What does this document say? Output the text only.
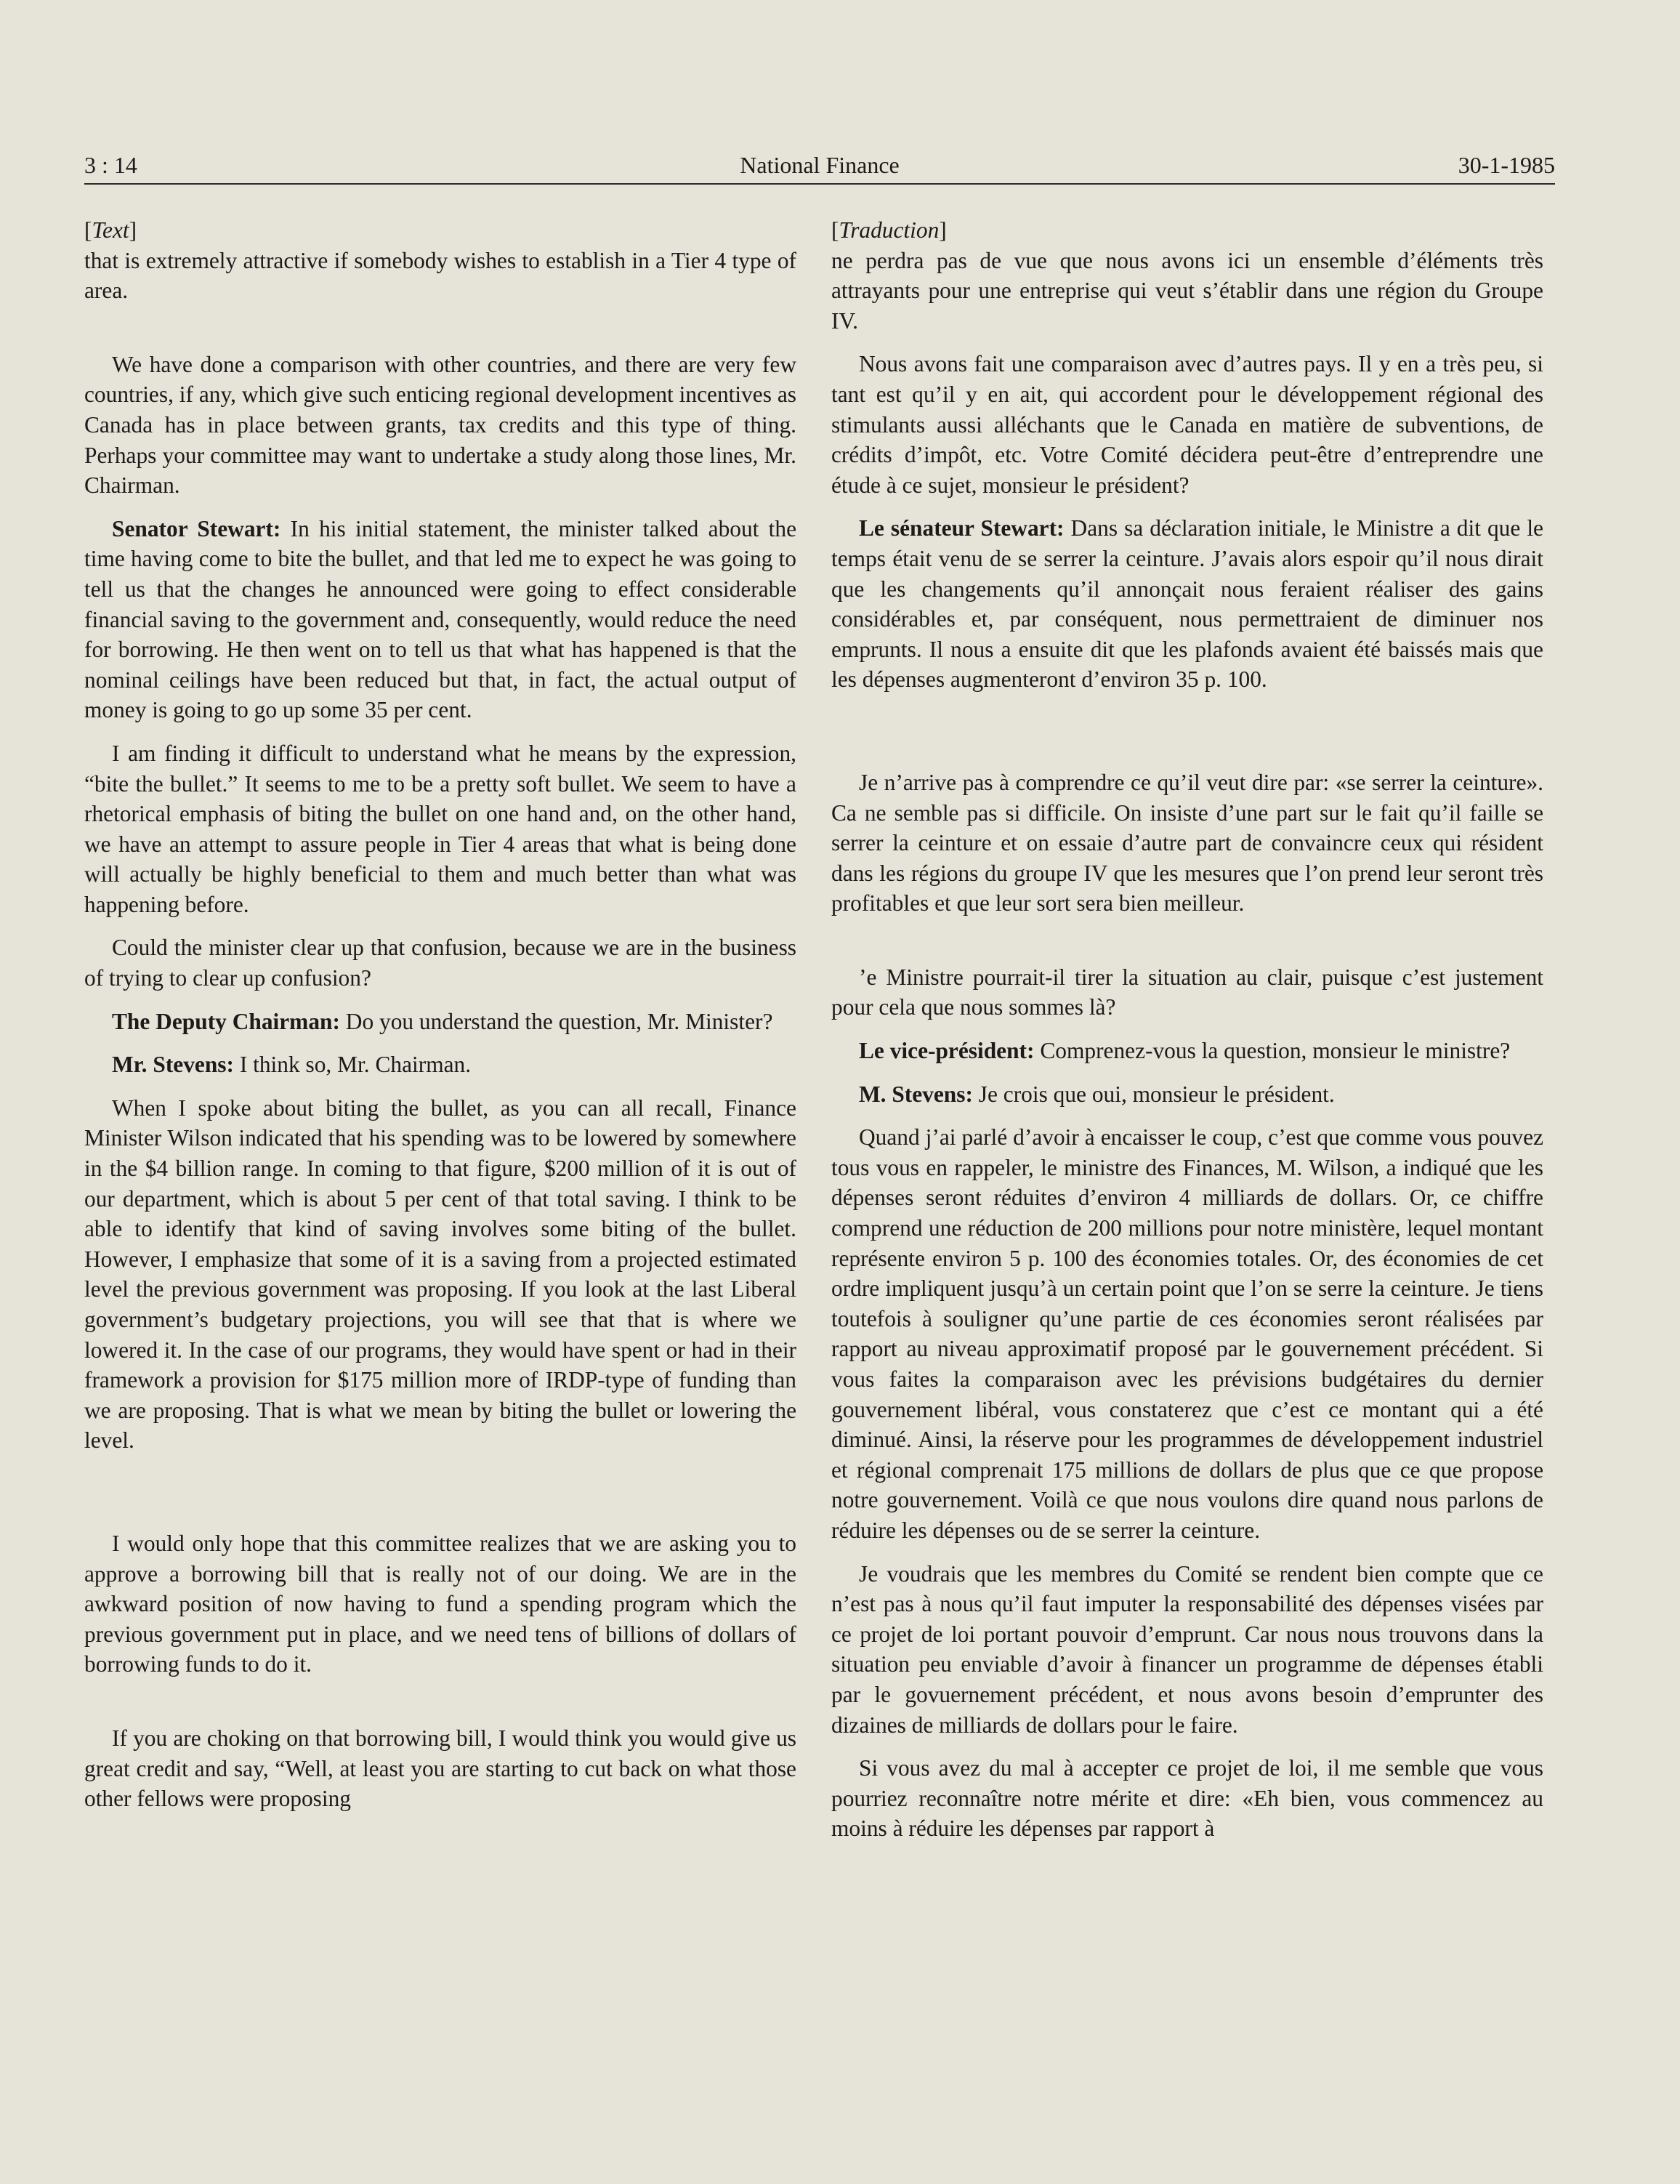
3 : 14	National Finance	30-1-1985

[Text]

that is extremely attractive if somebody wishes to establish in a Tier 4 type of area.

We have done a comparison with other countries, and there are very few countries, if any, which give such enticing regional development incentives as Canada has in place between grants, tax credits and this type of thing. Perhaps your committee may want to undertake a study along those lines, Mr. Chairman.

Senator Stewart: In his initial statement, the minister talked about the time having come to bite the bullet, and that led me to expect he was going to tell us that the changes he announced were going to effect considerable financial saving to the government and, consequently, would reduce the need for borrowing. He then went on to tell us that what has happened is that the nominal ceilings have been reduced but that, in fact, the actual output of money is going to go up some 35 per cent.

I am finding it difficult to understand what he means by the expression, “bite the bullet.” It seems to me to be a pretty soft bullet. We seem to have a rhetorical emphasis of biting the bullet on one hand and, on the other hand, we have an attempt to assure people in Tier 4 areas that what is being done will actually be highly beneficial to them and much better than what was happening before.

Could the minister clear up that confusion, because we are in the business of trying to clear up confusion?

The Deputy Chairman: Do you understand the question, Mr. Minister?

Mr. Stevens: I think so, Mr. Chairman.

When I spoke about biting the bullet, as you can all recall, Finance Minister Wilson indicated that his spending was to be lowered by somewhere in the $4 billion range. In coming to that figure, $200 million of it is out of our department, which is about 5 per cent of that total saving. I think to be able to identify that kind of saving involves some biting of the bullet. However, I emphasize that some of it is a saving from a projected estimated level the previous government was proposing. If you look at the last Liberal government’s budgetary projections, you will see that that is where we lowered it. In the case of our programs, they would have spent or had in their framework a provision for $175 million more of IRDP-type of funding than we are proposing. That is what we mean by biting the bullet or lowering the level.

I would only hope that this committee realizes that we are asking you to approve a borrowing bill that is really not of our doing. We are in the awkward position of now having to fund a spending program which the previous government put in place, and we need tens of billions of dollars of borrowing funds to do it.

If you are choking on that borrowing bill, I would think you would give us great credit and say, “Well, at least you are starting to cut back on what those other fellows were proposing

[Traduction]

ne perdra pas de vue que nous avons ici un ensemble d’éléments très attrayants pour une entreprise qui veut s’établir dans une région du Groupe IV.

Nous avons fait une comparaison avec d’autres pays. Il y en a très peu, si tant est qu’il y en ait, qui accordent pour le développement régional des stimulants aussi alléchants que le Canada en matière de subventions, de crédits d’impôt, etc. Votre Comité décidera peut-être d’entreprendre une étude à ce sujet, monsieur le président?

Le sénateur Stewart: Dans sa déclaration initiale, le Ministre a dit que le temps était venu de se serrer la ceinture. J’avais alors espoir qu’il nous dirait que les changements qu’il annonçait nous feraient réaliser des gains considérables et, par conséquent, nous permettraient de diminuer nos emprunts. Il nous a ensuite dit que les plafonds avaient été baissés mais que les dépenses augmenteront d’environ 35 p. 100.

Je n’arrive pas à comprendre ce qu’il veut dire par: «se serrer la ceinture». Ca ne semble pas si difficile. On insiste d’une part sur le fait qu’il faille se serrer la ceinture et on essaie d’autre part de convaincre ceux qui résident dans les régions du groupe IV que les mesures que l’on prend leur seront très profitables et que leur sort sera bien meilleur.

’e Ministre pourrait-il tirer la situation au clair, puisque c’est justement pour cela que nous sommes là?

Le vice-président: Comprenez-vous la question, monsieur le ministre?

M. Stevens: Je crois que oui, monsieur le président.

Quand j’ai parlé d’avoir à encaisser le coup, c’est que comme vous pouvez tous vous en rappeler, le ministre des Finances, M. Wilson, a indiqué que les dépenses seront réduites d’environ 4 milliards de dollars. Or, ce chiffre comprend une réduction de 200 millions pour notre ministère, lequel montant représente environ 5 p. 100 des économies totales. Or, des économies de cet ordre impliquent jusqu’à un certain point que l’on se serre la ceinture. Je tiens toutefois à souligner qu’une partie de ces économies seront réalisées par rapport au niveau approximatif proposé par le gouvernement précédent. Si vous faites la comparaison avec les prévisions budgétaires du dernier gouvernement libéral, vous constaterez que c’est ce montant qui a été diminué. Ainsi, la réserve pour les programmes de développement industriel et régional comprenait 175 millions de dollars de plus que ce que propose notre gouvernement. Voilà ce que nous voulons dire quand nous parlons de réduire les dépenses ou de se serrer la ceinture.

Je voudrais que les membres du Comité se rendent bien compte que ce n’est pas à nous qu’il faut imputer la responsabilité des dépenses visées par ce projet de loi portant pouvoir d’emprunt. Car nous nous trouvons dans la situation peu enviable d’avoir à financer un programme de dépenses établi par le govuernement précédent, et nous avons besoin d’emprunter des dizaines de milliards de dollars pour le faire.

Si vous avez du mal à accepter ce projet de loi, il me semble que vous pourriez reconnaître notre mérite et dire: «Eh bien, vous commencez au moins à réduire les dépenses par rapport à
